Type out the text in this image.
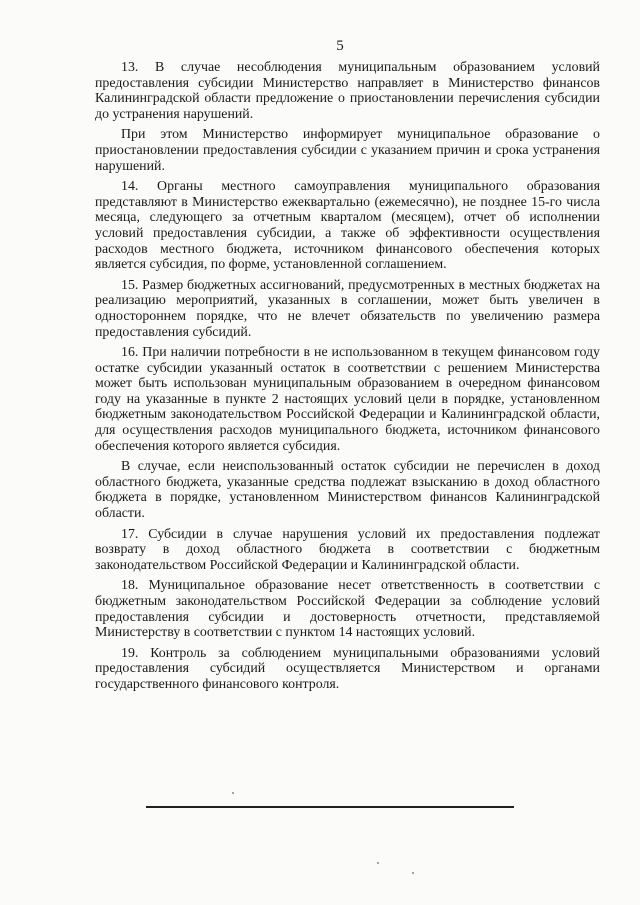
5

13. В случае несоблюдения муниципальным образованием условий предоставления субсидии Министерство направляет в Министерство финансов Калининградской области предложение о приостановлении перечисления субсидии до устранения нарушений.

При этом Министерство информирует муниципальное образование о приостановлении предоставления субсидии с указанием причин и срока устранения нарушений.

14. Органы местного самоуправления муниципального образования представляют в Министерство ежеквартально (ежемесячно), не позднее 15-го числа месяца, следующего за отчетным кварталом (месяцем), отчет об исполнении условий предоставления субсидии, а также об эффективности осуществления расходов местного бюджета, источником финансового обеспечения которых является субсидия, по форме, установленной соглашением.

15. Размер бюджетных ассигнований, предусмотренных в местных бюджетах на реализацию мероприятий, указанных в соглашении, может быть увеличен в одностороннем порядке, что не влечет обязательств по увеличению размера предоставления субсидий.

16. При наличии потребности в не использованном в текущем финансовом году остатке субсидии указанный остаток в соответствии с решением Министерства может быть использован муниципальным образованием в очередном финансовом году на указанные в пункте 2 настоящих условий цели в порядке, установленном бюджетным законодательством Российской Федерации и Калининградской области, для осуществления расходов муниципального бюджета, источником финансового обеспечения которого является субсидия.

В случае, если неиспользованный остаток субсидии не перечислен в доход областного бюджета, указанные средства подлежат взысканию в доход областного бюджета в порядке, установленном Министерством финансов Калининградской области.

17. Субсидии в случае нарушения условий их предоставления подлежат возврату в доход областного бюджета в соответствии с бюджетным законодательством Российской Федерации и Калининградской области.

18. Муниципальное образование несет ответственность в соответствии с бюджетным законодательством Российской Федерации за соблюдение условий предоставления субсидии и достоверность отчетности, представляемой Министерству в соответствии с пунктом 14 настоящих условий.

19. Контроль за соблюдением муниципальными образованиями условий предоставления субсидий осуществляется Министерством и органами государственного финансового контроля.
